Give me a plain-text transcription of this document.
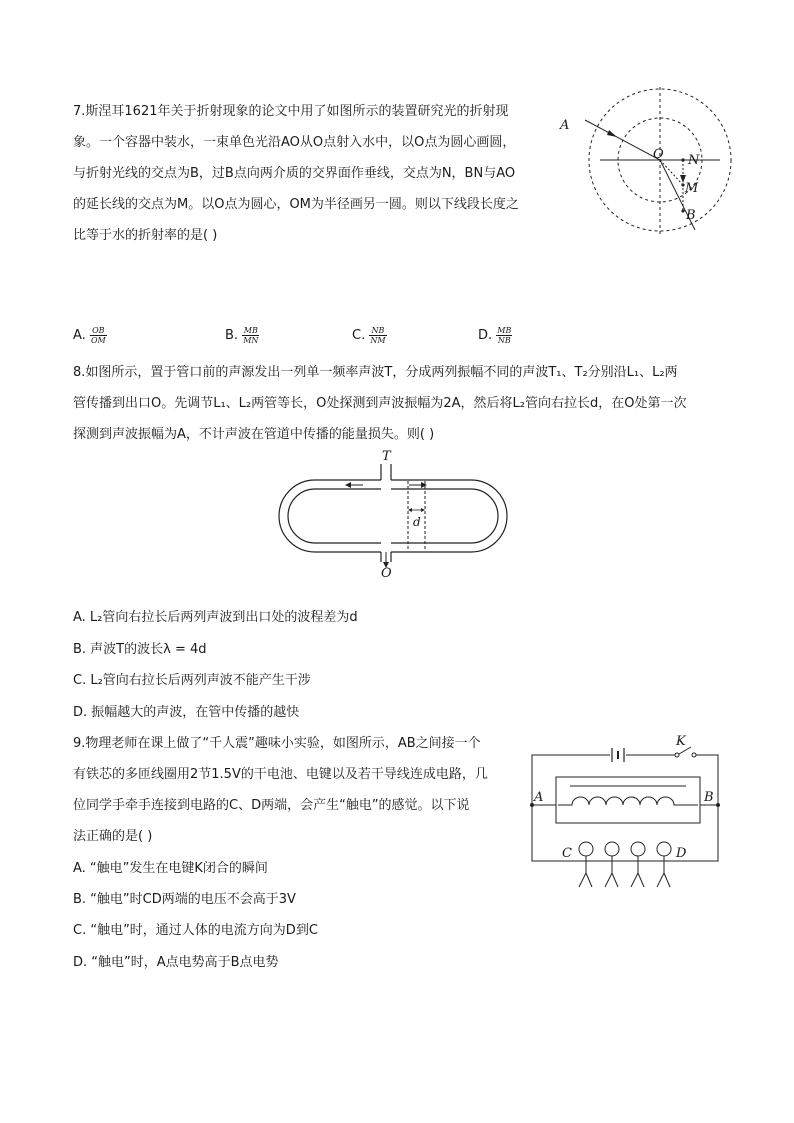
7.斯涅耳1621年关于折射现象的论文中用了如图所示的装置研究光的折射现
象。一个容器中装水，一束单色光沿AO从O点射入水中，以O点为圆心画圆，
与折射光线的交点为B，过B点向两介质的交界面作垂线，交点为N，BN与AO
的延长线的交点为M。以O点为圆心，OM为半径画另一圆。则以下线段长度之
比等于水的折射率的是( )
A. $\frac{OB}{OM}$	B. $\frac{MB}{MN}$	C. $\frac{NB}{NM}$	D. $\frac{MB}{NB}$
A
O N
M
B
8.如图所示，置于管口前的声源发出一列单一频率声波T，分成两列振幅不同的声波T₁、T₂分别沿L₁、L₂两
管传播到出口O。先调节L₁、L₂两管等长，O处探测到声波振幅为2A，然后将L₂管向右拉长d，在O处第一次
探测到声波振幅为A，不计声波在管道中传播的能量损失。则( )
T
d
O
A. L₂管向右拉长后两列声波到出口处的波程差为d
B. 声波T的波长λ = 4d
C. L₂管向右拉长后两列声波不能产生干涉
D. 振幅越大的声波，在管中传播的越快
9.物理老师在课上做了“千人震”趣味小实验，如图所示，AB之间接一个
有铁芯的多匝线圈用2节1.5V的干电池、电键以及若干导线连成电路，几
位同学手牵手连接到电路的C、D两端，会产生“触电”的感觉。以下说
法正确的是( )
A. “触电”发生在电键K闭合的瞬间
B. “触电”时CD两端的电压不会高于3V
C. “触电”时，通过人体的电流方向为D到C
D. “触电”时，A点电势高于B点电势
K
A	B
C	D
